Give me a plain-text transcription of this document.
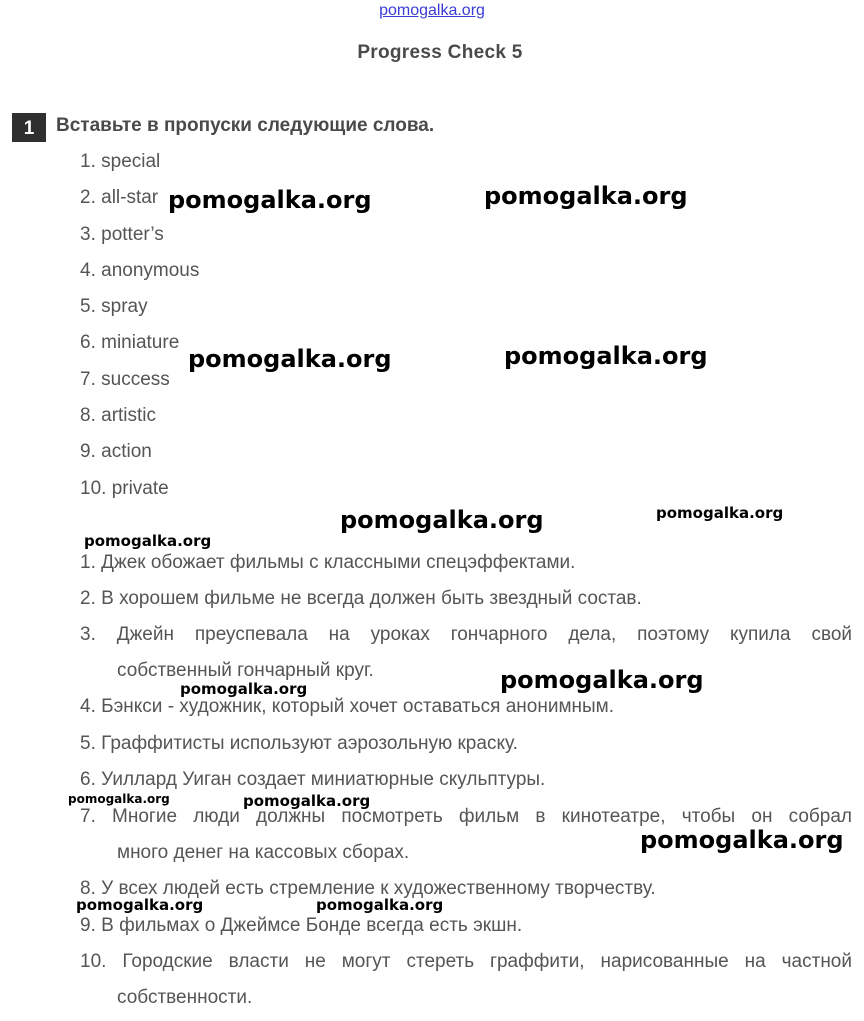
pomogalka.org
Progress Check 5
1	Вставьте в пропуски следующие слова.
1. special
2. all-star
3. potter’s
4. anonymous
5. spray
6. miniature
7. success
8. artistic
9. action
10. private

1. Джек обожает фильмы с классными спецэффектами.

2. В хорошем фильме не всегда должен быть звездный состав.

3. Джейн преуспевала на уроках гончарного дела, поэтому купила свой

собственный гончарный круг.

4. Бэнкси - художник, который хочет оставаться анонимным.

5. Граффитисты используют аэрозольную краску.

6. Уиллард Уиган создает миниатюрные скульптуры.

7. Многие люди должны посмотреть фильм в кинотеатре, чтобы он собрал

много денег на кассовых сборах.

8. У всех людей есть стремление к художественному творчеству.

9. В фильмах о Джеймсе Бонде всегда есть экшн.

10. Городские власти не могут стереть граффити, нарисованные на частной

собственности.

pomogalka.org	pomogalka.org
pomogalka.org	pomogalka.org
pomogalka.org	pomogalka.org
pomogalka.org
pomogalka.org
pomogalka.org
pomogalka.org	pomogalka.org
pomogalka.org
pomogalka.org	pomogalka.org
